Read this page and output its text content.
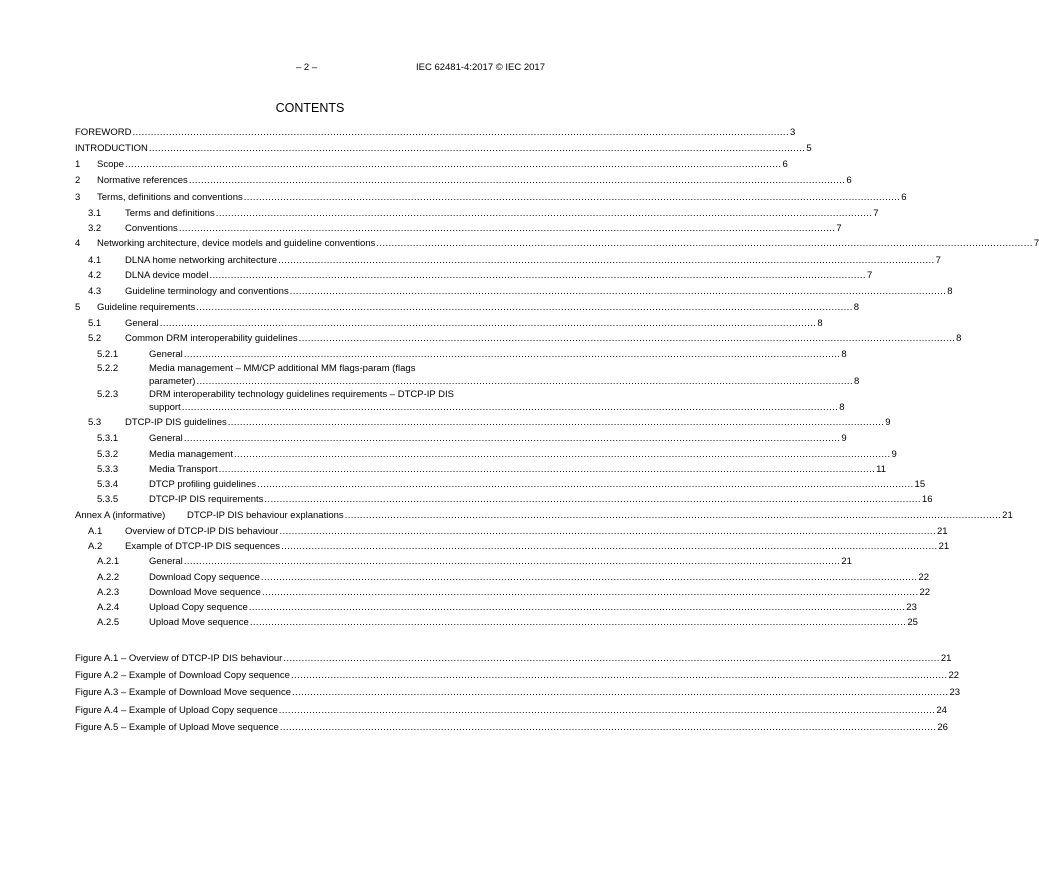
– 2 –	IEC 62481-4:2017 © IEC 2017
CONTENTS
FOREWORD .....	3
INTRODUCTION .....	5
1	Scope .....	6
2	Normative references .....	6
3	Terms, definitions and conventions .....	6
3.1	Terms and definitions .....	7
3.2	Conventions .....	7
4	Networking architecture, device models and guideline conventions .....	7
4.1	DLNA home networking architecture .....	7
4.2	DLNA device model .....	7
4.3	Guideline terminology and conventions .....	8
5	Guideline requirements .....	8
5.1	General .....	8
5.2	Common DRM interoperability guidelines .....	8
5.2.1	General .....	8
5.2.2	Media management – MM/CP additional MM flags-param (flags
parameter) .....	8
5.2.3	DRM interoperability technology guidelines requirements – DTCP-IP DIS
support .....	8
5.3	DTCP-IP DIS guidelines .....	9
5.3.1	General .....	9
5.3.2	Media management .....	9
5.3.3	Media Transport .....	11
5.3.4	DTCP profiling guidelines .....	15
5.3.5	DTCP-IP DIS requirements .....	16
Annex A (informative)	DTCP-IP DIS behaviour explanations .....	21
A.1	Overview of DTCP-IP DIS behaviour .....	21
A.2	Example of DTCP-IP DIS sequences .....	21
A.2.1	General .....	21
A.2.2	Download Copy sequence .....	22
A.2.3	Download Move sequence .....	22
A.2.4	Upload Copy sequence .....	23
A.2.5	Upload Move sequence .....	25
Figure A.1 – Overview of DTCP-IP DIS behaviour .....	21
Figure A.2 – Example of Download Copy sequence .....	22
Figure A.3 – Example of Download Move sequence .....	23
Figure A.4 – Example of Upload Copy sequence .....	24
Figure A.5 – Example of Upload Move sequence .....	26
